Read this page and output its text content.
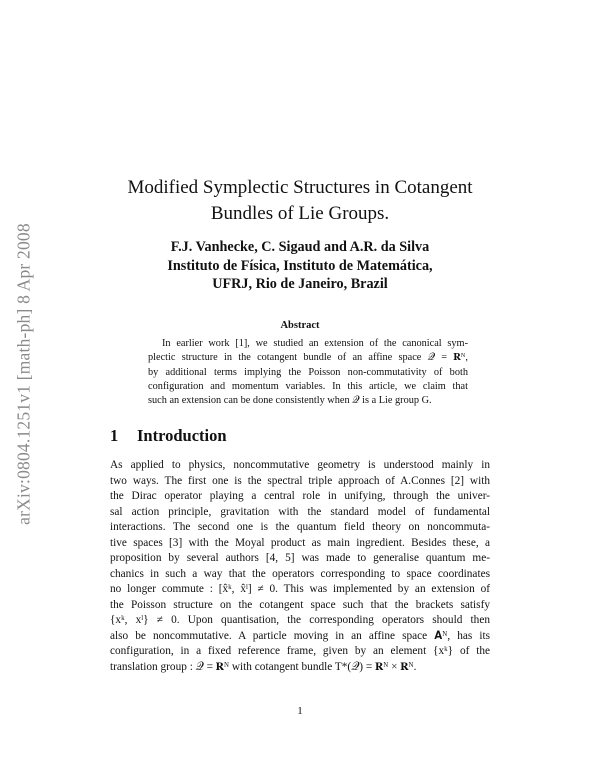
arXiv:0804.1251v1 [math-ph] 8 Apr 2008
Modified Symplectic Structures in Cotangent
Bundles of Lie Groups.
F.J. Vanhecke, C. Sigaud and A.R. da Silva
Instituto de Física, Instituto de Matemática,
UFRJ, Rio de Janeiro, Brazil
Abstract
In earlier work [1], we studied an extension of the canonical sym-
plectic structure in the cotangent bundle of an affine space 𝒬 = 𝐑ᴺ,
by additional terms implying the Poisson non-commutativity of both
configuration and momentum variables. In this article, we claim that
such an extension can be done consistently when 𝒬 is a Lie group G.
1 Introduction
As applied to physics, noncommutative geometry is understood mainly in
two ways. The first one is the spectral triple approach of A.Connes [2] with
the Dirac operator playing a central role in unifying, through the univer-
sal action principle, gravitation with the standard model of fundamental
interactions. The second one is the quantum field theory on noncommuta-
tive spaces [3] with the Moyal product as main ingredient. Besides these, a
proposition by several authors [4, 5] was made to generalise quantum me-
chanics in such a way that the operators corresponding to space coordinates
no longer commute : [x̂ᵏ, x̂ˡ] ≠ 0. This was implemented by an extension of
the Poisson structure on the cotangent space such that the brackets satisfy
{xᵏ, xˡ} ≠ 0. Upon quantisation, the corresponding operators should then
also be noncommutative. A particle moving in an affine space 𝐀ᴺ, has its
configuration, in a fixed reference frame, given by an element {xᵏ} of the
translation group : 𝒬 = 𝐑ᴺ with cotangent bundle T*(𝒬) = 𝐑ᴺ × 𝐑ᴺ.
1
